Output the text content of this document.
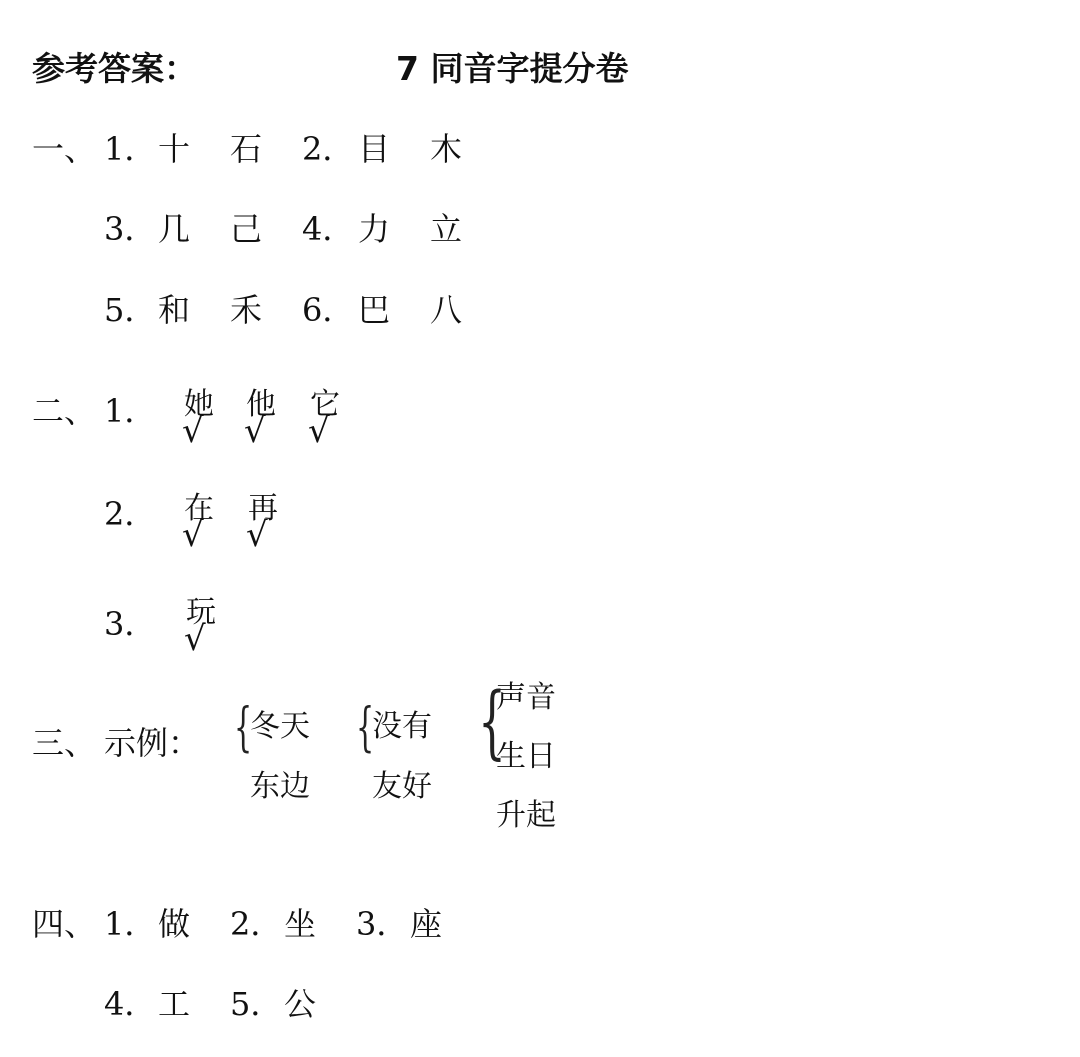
参考答案：	7 同音字提分卷
一、 1． 十 石 2． 目 木
3． 几 己 4． 力 立
5． 和 禾 6． 巴 八
二、 1． 她
√
他
√
它
√
2． 在
√
再
√
3． 玩
√
三、 示例： {
冬天
东边
{
没有
友好
{
声音
生日
升起
四、 1． 做 2． 坐 3． 座
4． 工 5． 公
